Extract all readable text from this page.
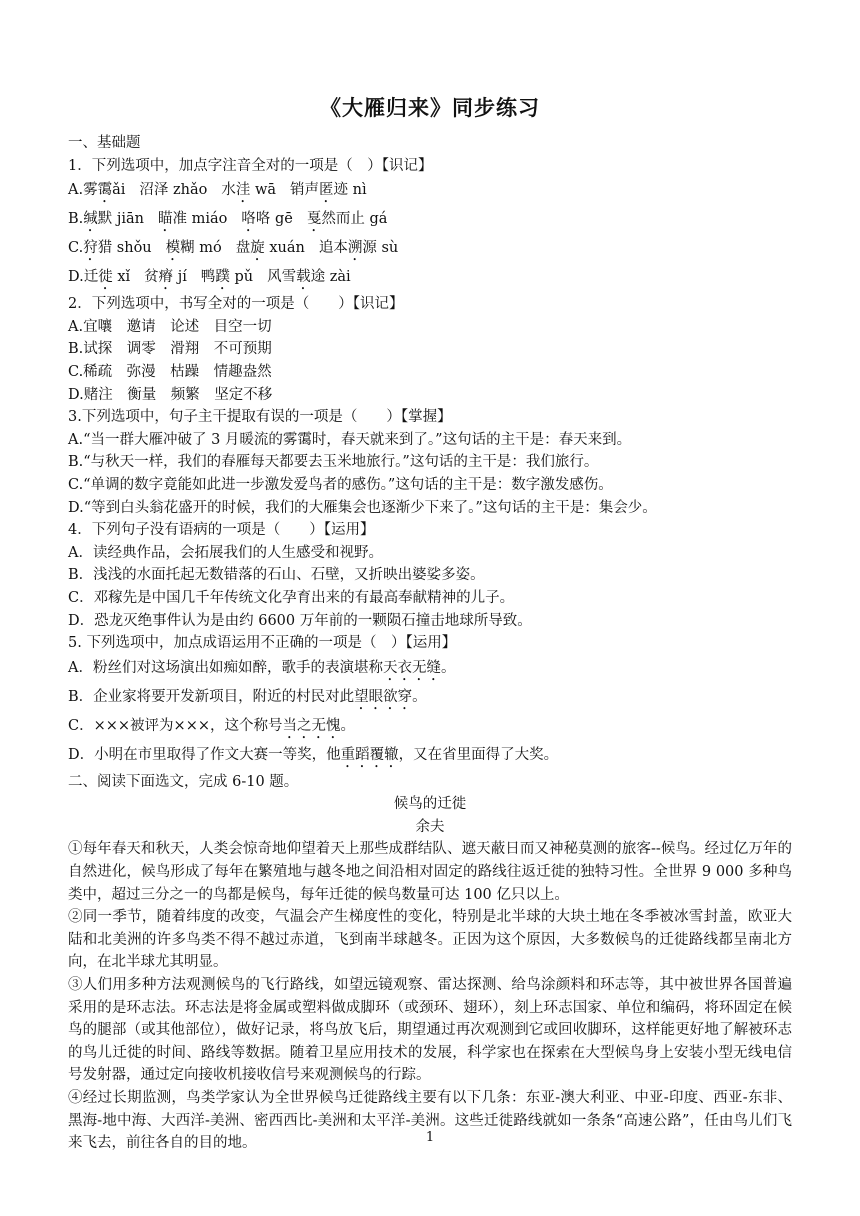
《大雁归来》同步练习
一、基础题
1．下列选项中，加点字注音全对的一项是（　）【识记】
A.雾霭ǎi 沼泽 zhǎo 水洼 wā 销声匿迹 nì
B.缄默 jiān 瞄准 miáo 咯咯 gē 戛然而止 gá
C.狩猎 shǒu 模糊 mó 盘旋 xuán 追本溯源 sù
D.迁徙 xǐ 贫瘠 jí 鸭蹼 pǔ 风雪载途 zài
2．下列选项中，书写全对的一项是（　　）【识记】
A.宜嚷　邀请　论述　目空一切
B.试探　调零　滑翔　不可预期
C.稀疏　弥漫　枯躁　情趣盎然
D.赌注　衡量　频繁　坚定不移
3.下列选项中，句子主干提取有误的一项是（　　）【掌握】
A.“当一群大雁冲破了 3 月暖流的雾霭时，春天就来到了。”这句话的主干是：春天来到。
B.“与秋天一样，我们的春雁每天都要去玉米地旅行。”这句话的主干是：我们旅行。
C.“单调的数字竟能如此进一步激发爱鸟者的感伤。”这句话的主干是：数字激发感伤。
D.“等到白头翁花盛开的时候，我们的大雁集会也逐渐少下来了。”这句话的主干是：集会少。
4．下列句子没有语病的一项是（　　）【运用】
A．读经典作品，会拓展我们的人生感受和视野。
B．浅浅的水面托起无数错落的石山、石壁，又折映出婆娑多姿。
C．邓稼先是中国几千年传统文化孕育出来的有最高奉献精神的儿子。
D．恐龙灭绝事件认为是由约 6600 万年前的一颗陨石撞击地球所导致。
5. 下列选项中，加点成语运用不正确的一项是（　）【运用】
A．粉丝们对这场演出如痴如醉，歌手的表演堪称天衣无缝。
B．企业家将要开发新项目，附近的村民对此望眼欲穿。
C．×××被评为×××，这个称号当之无愧。
D．小明在市里取得了作文大赛一等奖，他重蹈覆辙，又在省里面得了大奖。
二、阅读下面选文，完成 6-10 题。
候鸟的迁徙
余夫

①每年春天和秋天，人类会惊奇地仰望着天上那些成群结队、遮天蔽日而又神秘莫测的旅客--候鸟。经过亿万年的自然进化，候鸟形成了每年在繁殖地与越冬地之间沿相对固定的路线往返迁徙的独特习性。全世界 9 000 多种鸟类中，超过三分之一的鸟都是候鸟，每年迁徙的候鸟数量可达 100 亿只以上。

②同一季节，随着纬度的改变，气温会产生梯度性的变化，特别是北半球的大块土地在冬季被冰雪封盖，欧亚大陆和北美洲的许多鸟类不得不越过赤道，飞到南半球越冬。正因为这个原因，大多数候鸟的迁徙路线都呈南北方向，在北半球尤其明显。

③人们用多种方法观测候鸟的飞行路线，如望远镜观察、雷达探测、给鸟涂颜料和环志等，其中被世界各国普遍采用的是环志法。环志法是将金属或塑料做成脚环（或颈环、翅环），刻上环志国家、单位和编码，将环固定在候鸟的腿部（或其他部位），做好记录，将鸟放飞后，期望通过再次观测到它或回收脚环，这样能更好地了解被环志的鸟儿迁徙的时间、路线等数据。随着卫星应用技术的发展，科学家也在探索在大型候鸟身上安装小型无线电信号发射器，通过定向接收机接收信号来观测候鸟的行踪。

④经过长期监测，鸟类学家认为全世界候鸟迁徙路线主要有以下几条：东亚-澳大利亚、中亚-印度、西亚-东非、黑海-地中海、大西洋-美洲、密西西比-美洲和太平洋-美洲。这些迁徙路线就如一条条“高速公路”，任由鸟儿们飞来飞去，前往各自的目的地。	1
